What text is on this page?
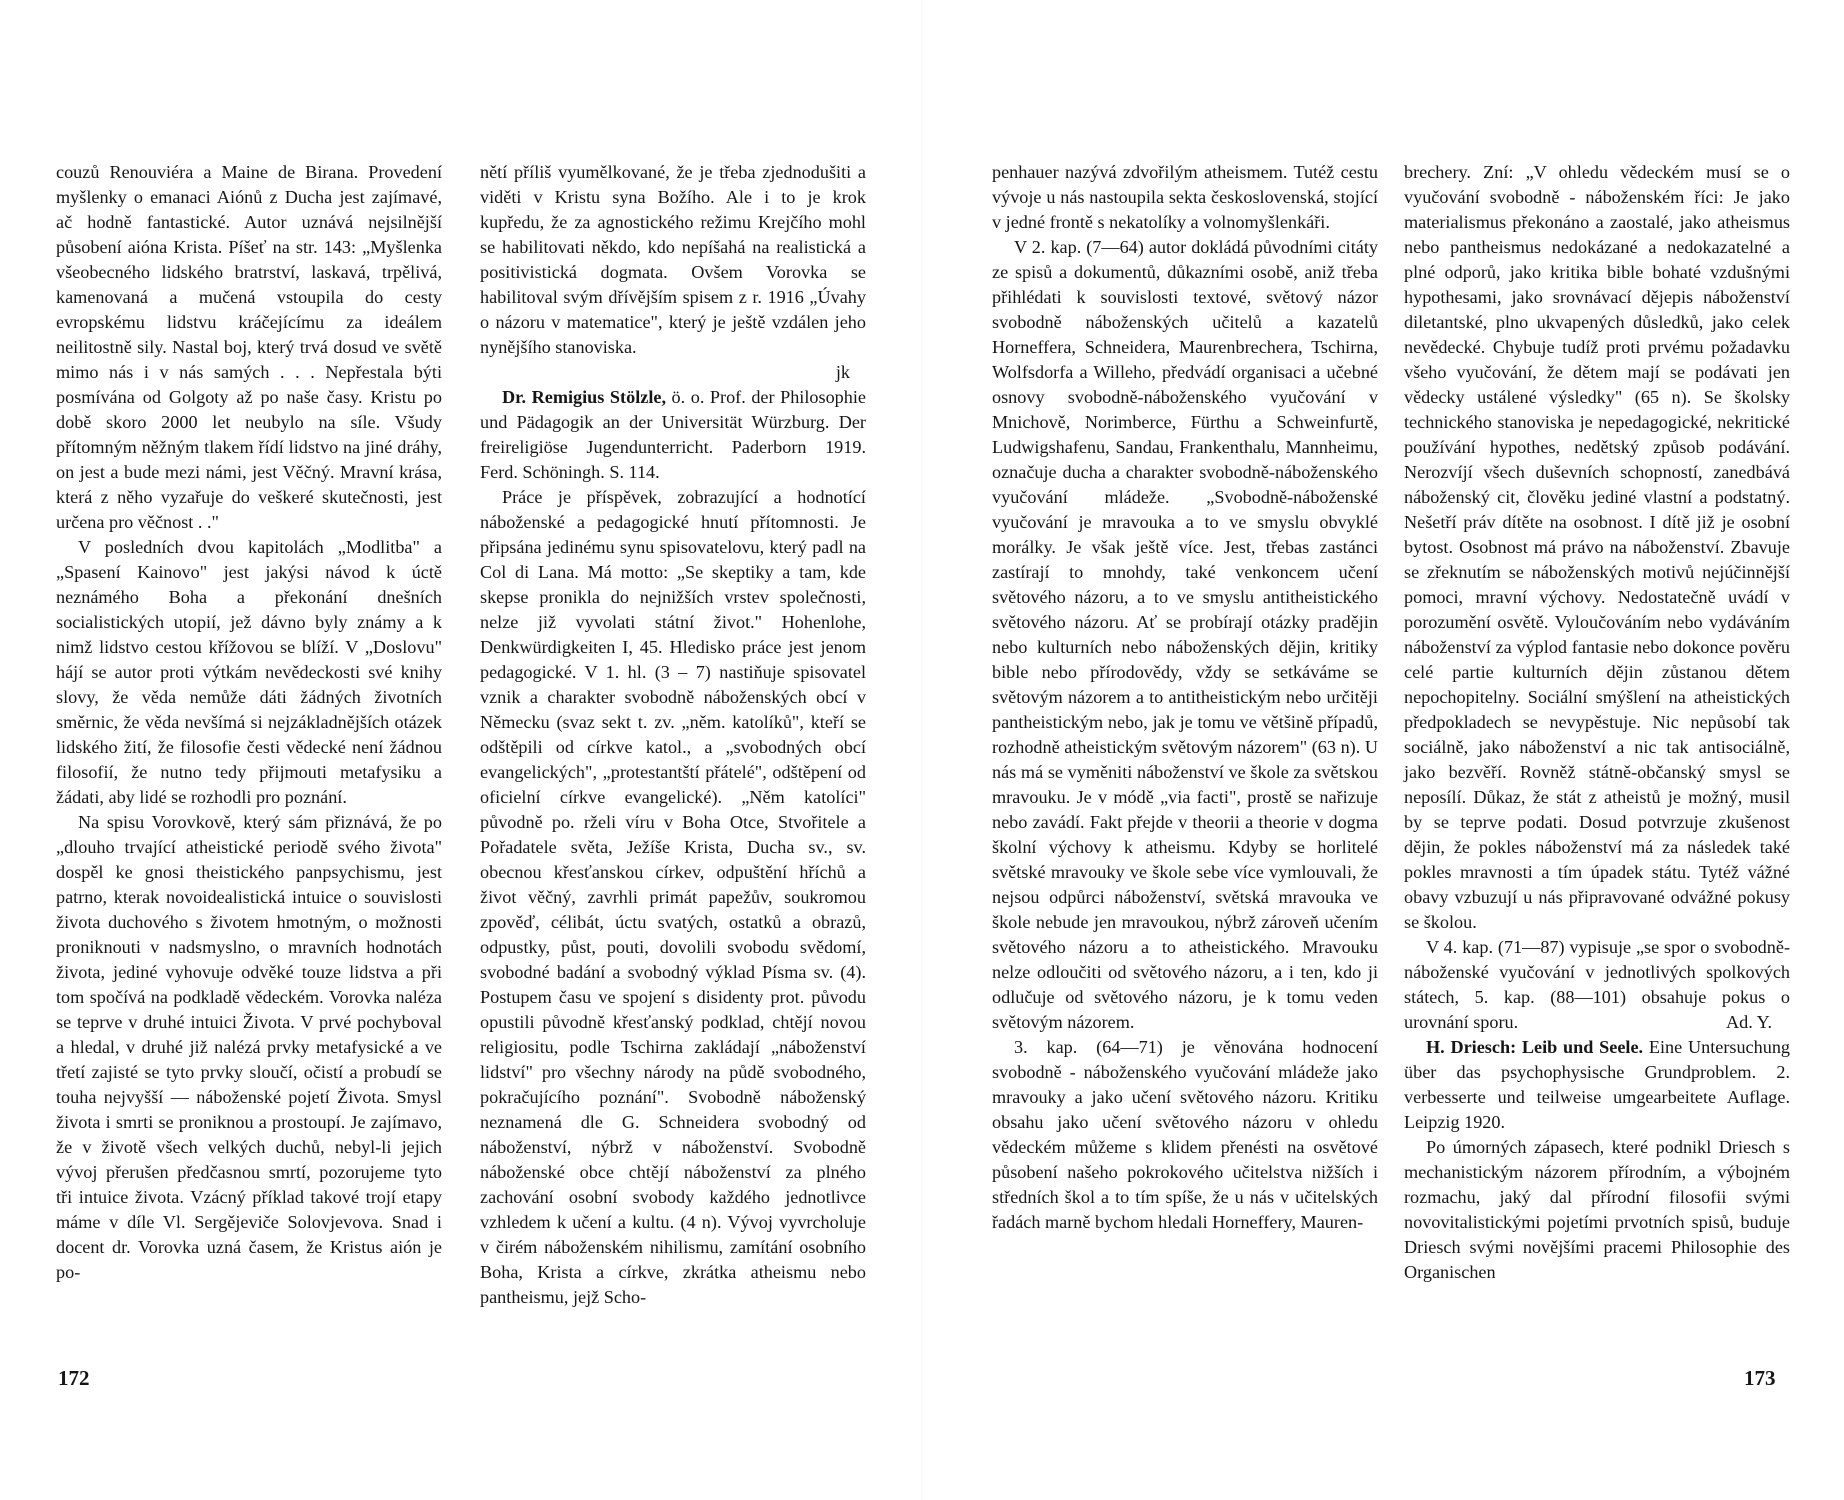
couzů Renouviéra a Maine de Birana. Provedení myšlenky o emanaci Aiónů z Ducha jest zajímavé, ač hodně fantastické. Autor uznává nejsilnější působení aióna Krista. Píšeť na str. 143: „Myšlenka všeobecného lidského bratrství, laskavá, trpělivá, kamenovaná a mučená vstoupila do cesty evropskému lidstvu kráčejícímu za ideálem neilitostně sily. Nastal boj, který trvá dosud ve světě mimo nás i v nás samých . . . Nepřestala býti posmívána od Golgoty až po naše časy. Kristu po době skoro 2000 let neubylo na síle. Všudy přítomným něžným tlakem řídí lidstvo na jiné dráhy, on jest a bude mezi námi, jest Věčný. Mravní krása, která z něho vyzařuje do veškeré skutečnosti, jest určena pro věčnost . ."

V posledních dvou kapitolách „Modlitba" a „Spasení Kainovo" jest jakýsi návod k úctě neznámého Boha a překonání dnešních socialistických utopií, jež dávno byly známy a k nimž lidstvo cestou křížovou se blíží. V „Doslovu" hájí se autor proti výtkám nevědeckosti své knihy slovy, že věda nemůže dáti žádných životních směrnic, že věda nevšímá si nejzákladnějších otázek lidského žití, že filosofie česti vědecké není žádnou filosofií, že nutno tedy přijmouti metafysiku a žádati, aby lidé se rozhodli pro poznání.

Na spisu Vorovkově, který sám přiznává, že po „dlouho trvající atheistické periodě svého života" dospěl ke gnosi theistického panpsychismu, jest patrno, kterak novoidealistická intuice o souvislosti života duchového s životem hmotným, o možnosti proniknouti v nadsmyslno, o mravních hodnotách života, jediné vyhovuje odvěké touze lidstva a při tom spočívá na podkladě vědeckém. Vorovka naléza se teprve v druhé intuici Života. V prvé pochyboval a hledal, v druhé již nalézá prvky metafysické a ve třetí zajisté se tyto prvky sloučí, očistí a probudí se touha nejvyšší — náboženské pojetí Života. Smysl života i smrti se proniknou a prostoupí. Je zajímavo, že v životě všech velkých duchů, nebyl-li jejich vývoj přerušen předčasnou smrtí, pozorujeme tyto tři intuice života. Vzácný příklad takové trojí etapy máme v díle Vl. Sergějeviče Solovjevova. Snad i docent dr. Vorovka uzná časem, že Kristus aión je po-

nětí příliš vyumělkované, že je třeba zjednodušiti a viděti v Kristu syna Božího. Ale i to je krok kupředu, že za agnostického režimu Krejčího mohl se habilitovati někdo, kdo nepíšahá na realistická a positivistická dogmata. Ovšem Vorovka se habilitoval svým dřívějším spisem z r. 1916 „Úvahy o názoru v matematice", který je ještě vzdálen jeho nynějšího stanoviska.

jk

Dr. Remigius Stölzle, ö. o. Prof. der Philosophie und Pädagogik an der Universität Würzburg. Der freireligiöse Jugendunterricht. Paderborn 1919. Ferd. Schöningh. S. 114.

Práce je příspěvek, zobrazující a hodnotící náboženské a pedagogické hnutí přítomnosti. Je připsána jedinému synu spisovatelovu, který padl na Col di Lana. Má motto: „Se skeptiky a tam, kde skepse pronikla do nejnižších vrstev společnosti, nelze již vyvolati státní život." Hohenlohe, Denkwürdigkeiten I, 45. Hledisko práce jest jenom pedagogické. V 1. hl. (3 – 7) nastiňuje spisovatel vznik a charakter svobodně náboženských obcí v Německu (svaz sekt t. zv. „něm. katolíků", kteří se odštěpili od církve katol., a „svobodných obcí evangelických", „protestantští přátelé", odštěpení od oficielní církve evangelické). „Něm katolíci" původně po. rželi víru v Boha Otce, Stvořitele a Pořadatele světa, Ježíše Krista, Ducha sv., sv. obecnou křesťanskou církev, odpuštění hříchů a život věčný, zavrhli primát papežův, soukromou zpověď, célibát, úctu svatých, ostatků a obrazů, odpustky, půst, pouti, dovolili svobodu svědomí, svobodné badání a svobodný výklad Písma sv. (4). Postupem času ve spojení s disidenty prot. původu opustili původně křesťanský podklad, chtějí novou religiositu, podle Tschirna zakládají „náboženství lidství" pro všechny národy na půdě svobodného, pokračujícího poznání". Svobodně náboženský neznamená dle G. Schneidera svobodný od náboženství, nýbrž v náboženství. Svobodně náboženské obce chtějí náboženství za plného zachování osobní svobody každého jednotlivce vzhledem k učení a kultu. (4 n). Vývoj vyvrcholuje v čirém náboženském nihilismu, zamítání osobního Boha, Krista a církve, zkrátka atheismu nebo pantheismu, jejž Scho-

172

penhauer nazývá zdvořilým atheismem. Tutéž cestu vývoje u nás nastoupila sekta československá, stojící v jedné frontě s nekatolíky a volnomyšlenkáři.

V 2. kap. (7—64) autor dokládá původními citáty ze spisů a dokumentů, důkazními osobě, aniž třeba přihlédati k souvislosti textové, světový názor svobodně náboženských učitelů a kazatelů Horneffera, Schneidera, Maurenbrechera, Tschirna, Wolfsdorfa a Willeho, předvádí organisaci a učebné osnovy svobodně-náboženského vyučování v Mnichově, Norimberce, Fürthu a Schweinfurtě, Ludwigshafenu, Sandau, Frankenthalu, Mannheimu, označuje ducha a charakter svobodně-náboženského vyučování mládeže. „Svobodně-náboženské vyučování je mravouka a to ve smyslu obvyklé morálky. Je však ještě více. Jest, třebas zastánci zastírají to mnohdy, také venkoncem učení světového názoru, a to ve smyslu antitheistického světového názoru. Ať se probírají otázky pradějin nebo kulturních nebo náboženských dějin, kritiky bible nebo přírodovědy, vždy se setkáváme se světovým názorem a to antitheistickým nebo určitěji pantheistickým nebo, jak je tomu ve většině případů, rozhodně atheistickým světovým názorem" (63 n). U nás má se vyměniti náboženství ve škole za světskou mravouku. Je v módě „via facti", prostě se nařizuje nebo zavádí. Fakt přejde v theorii a theorie v dogma školní výchovy k atheismu. Kdyby se horlitelé světské mravouky ve škole sebe více vymlouvali, že nejsou odpůrci náboženství, světská mravouka ve škole nebude jen mravoukou, nýbrž zároveň učením světového názoru a to atheistického. Mravouku nelze odloučiti od světového názoru, a i ten, kdo ji odlučuje od světového názoru, je k tomu veden světovým názorem.

3. kap. (64—71) je věnována hodnocení svobodně - náboženského vyučování mládeže jako mravouky a jako učení světového názoru. Kritiku obsahu jako učení světového názoru v ohledu vědeckém můžeme s klidem přenésti na osvětové působení našeho pokrokového učitelstva nižších i středních škol a to tím spíše, že u nás v učitelských řadách marně bychom hledali Horneffery, Mauren-

brechery. Zní: „V ohledu vědeckém musí se o vyučování svobodně - náboženském říci: Je jako materialismus překonáno a zaostalé, jako atheismus nebo pantheismus nedokázané a nedokazatelné a plné odporů, jako kritika bible bohaté vzdušnými hypothesami, jako srovnávací dějepis náboženství diletantské, plno ukvapených důsledků, jako celek nevědecké. Chybuje tudíž proti prvému požadavku všeho vyučování, že dětem mají se podávati jen vědecky ustálené výsledky" (65 n). Se školsky technického stanoviska je nepedagogické, nekritické používání hypothes, nedětský způsob podávání. Nerozvíjí všech duševních schopností, zanedbává náboženský cit, člověku jediné vlastní a podstatný. Nešetří práv dítěte na osobnost. I dítě již je osobní bytost. Osobnost má právo na náboženství. Zbavuje se zřeknutím se náboženských motivů nejúčinnější pomoci, mravní výchovy. Nedostatečně uvádí v porozumění osvětě. Vyloučováním nebo vydáváním náboženství za výplod fantasie nebo dokonce pověru celé partie kulturních dějin zůstanou dětem nepochopitelny. Sociální smýšlení na atheistických předpokladech se nevypěstuje. Nic nepůsobí tak sociálně, jako náboženství a nic tak antisociálně, jako bezvěří. Rovněž státně-občanský smysl se neposílí. Důkaz, že stát z atheistů je možný, musil by se teprve podati. Dosud potvrzuje zkušenost dějin, že pokles náboženství má za následek také pokles mravnosti a tím úpadek státu. Tytéž vážné obavy vzbuzují u nás připravované odvážné pokusy se školou.

V 4. kap. (71—87) vypisuje „se spor o svobodně-náboženské vyučování v jednotlivých spolkových státech, 5. kap. (88—101) obsahuje pokus o urovnání sporu.	Ad. Y.

H. Driesch: Leib und Seele. Eine Untersuchung über das psychophysische Grundproblem. 2. verbesserte und teilweise umgearbeitete Auflage. Leipzig 1920.

Po úmorných zápasech, které podnikl Driesch s mechanistickým názorem přírodním, a výbojném rozmachu, jaký dal přírodní filosofii svými novovitalistickými pojetími prvotních spisů, buduje Driesch svými novějšími pracemi Philosophie des Organischen

173
